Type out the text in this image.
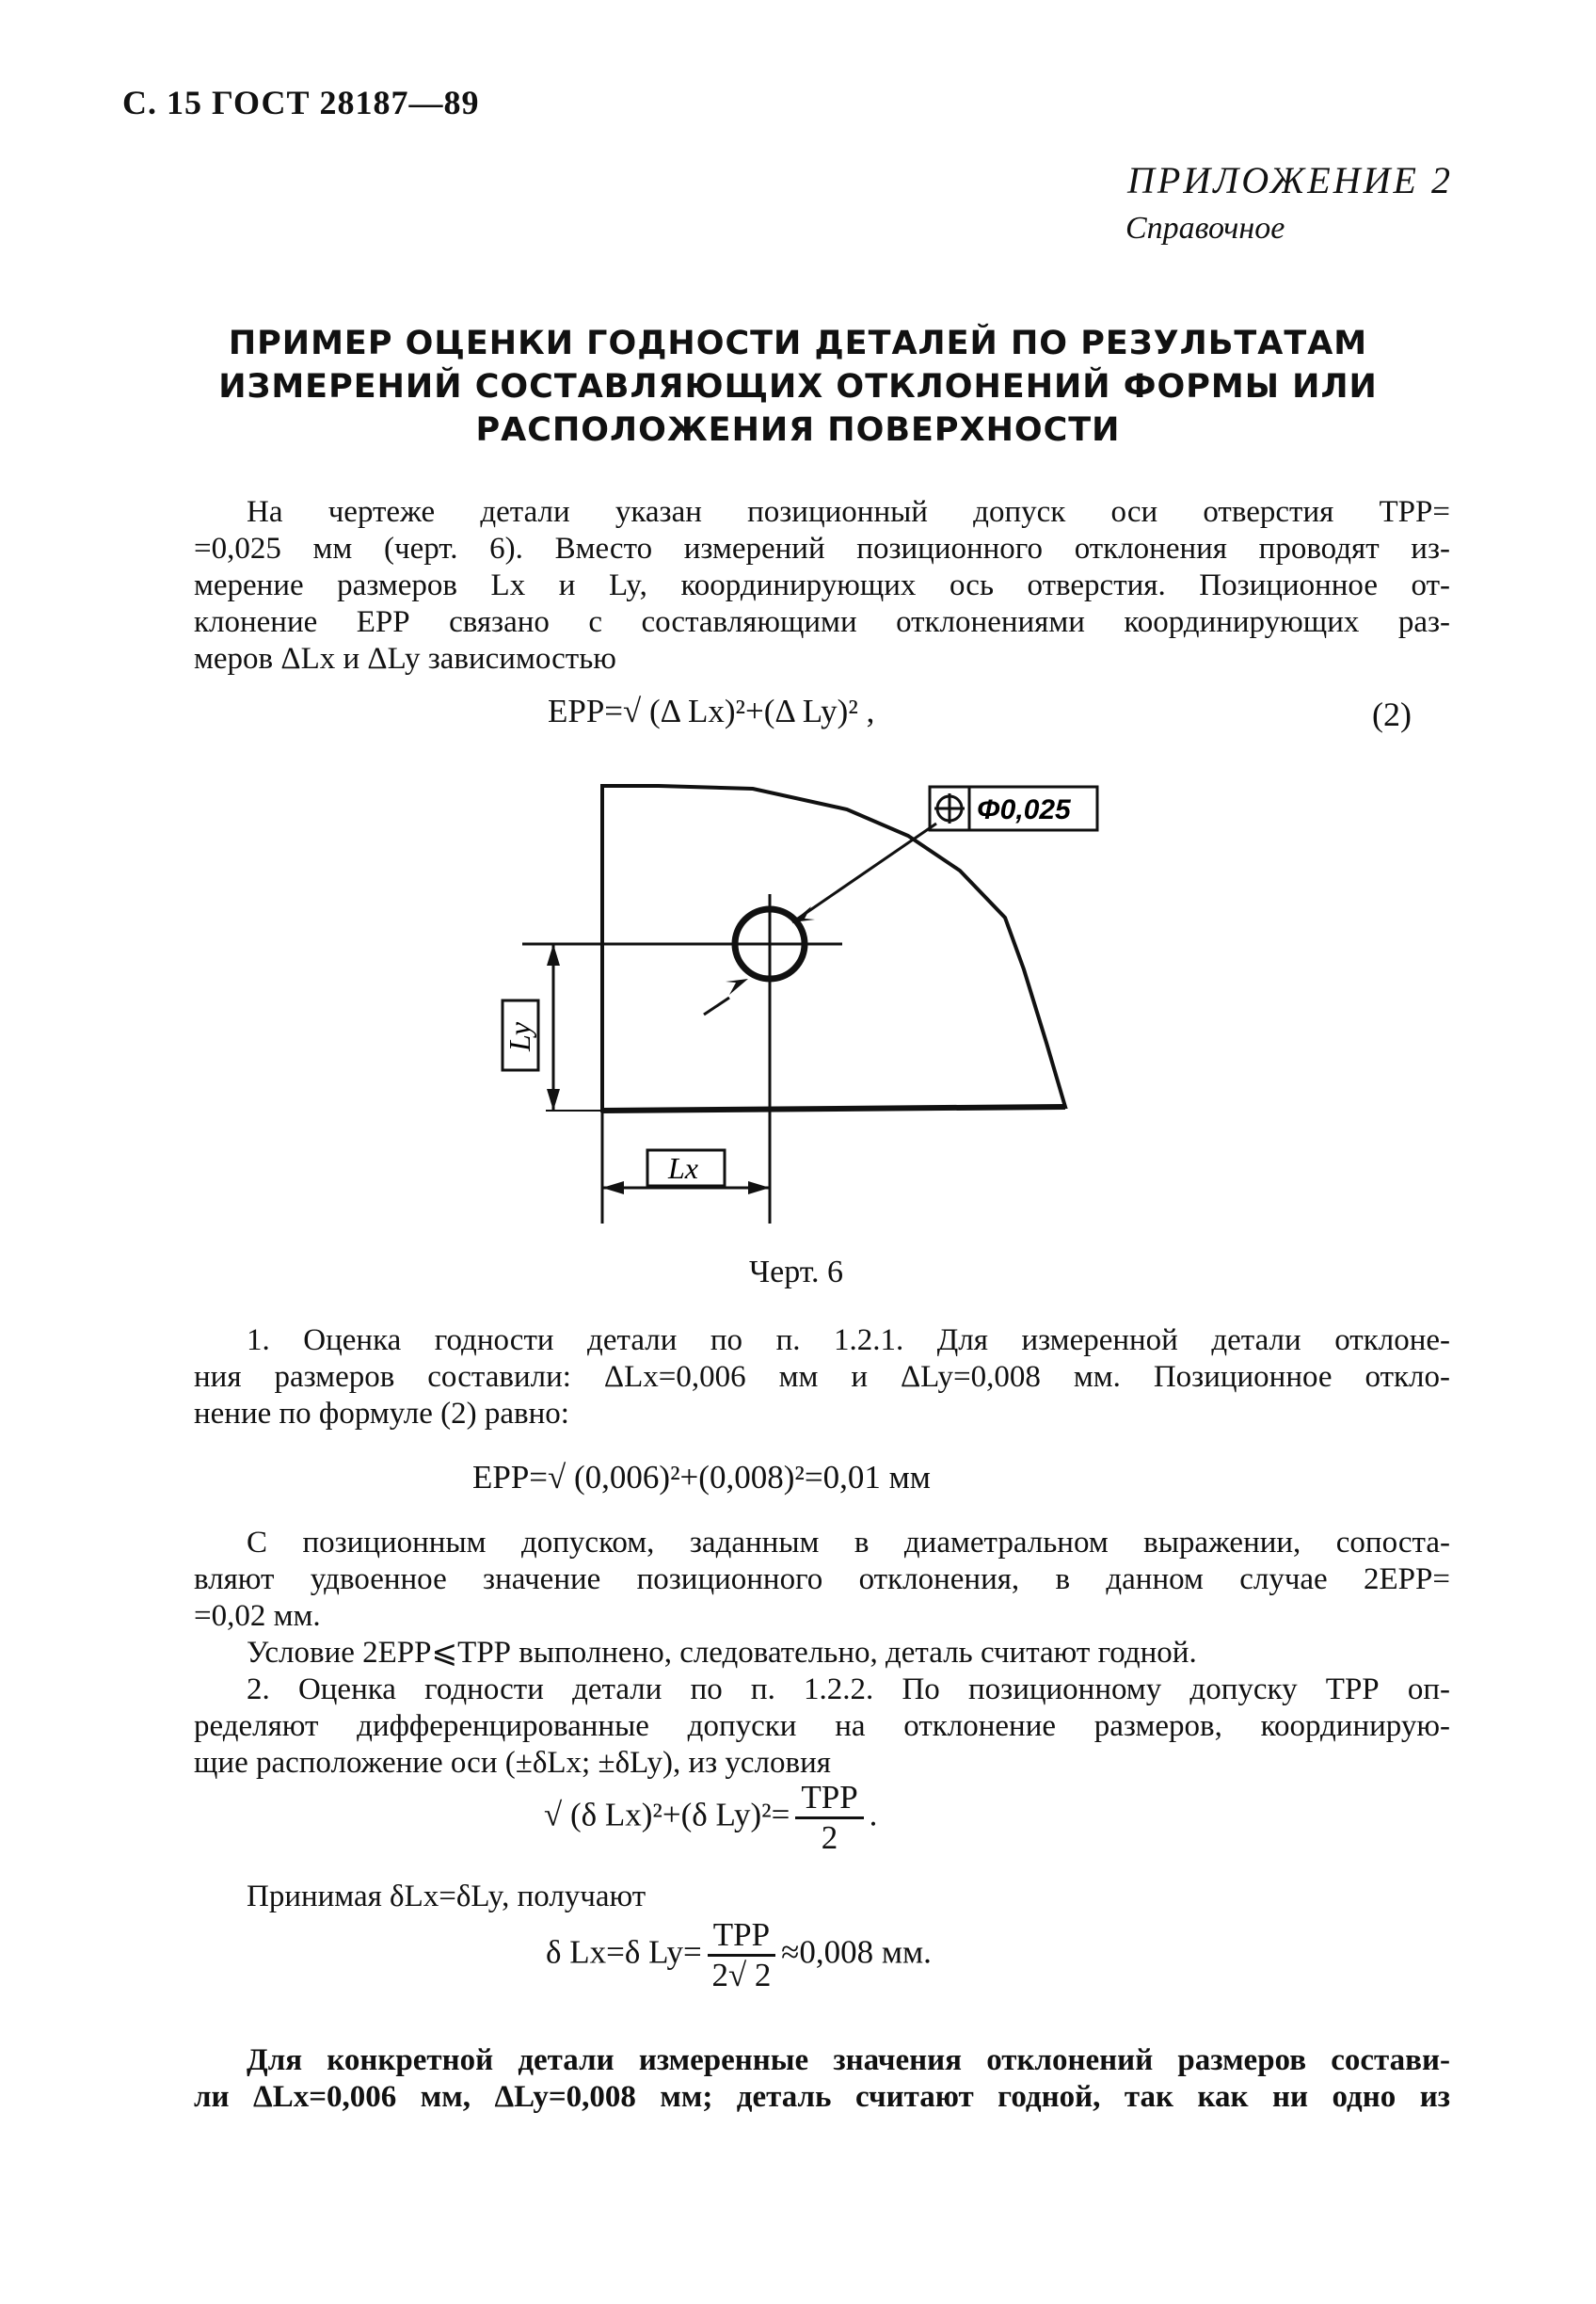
С. 15 ГОСТ 28187—89
ПРИЛОЖЕНИЕ 2
Справочное
ПРИМЕР ОЦЕНКИ ГОДНОСТИ ДЕТАЛЕЙ ПО РЕЗУЛЬТАТАМ
ИЗМЕРЕНИЙ СОСТАВЛЯЮЩИХ ОТКЛОНЕНИЙ ФОРМЫ ИЛИ
РАСПОЛОЖЕНИЯ ПОВЕРХНОСТИ
На чертеже детали указан позиционный допуск оси отверстия ТРР=
=0,025 мм (черт. 6). Вместо измерений позиционного отклонения проводят из-
мерение размеров Lx и Ly, координирующих ось отверстия. Позиционное от-
клонение ЕРР связано с составляющими отклонениями координирующих раз-
меров ΔLx и ΔLy зависимостью
ЕРР=√ (Δ Lx)²+(Δ Ly)² ,	(2)
Φ0,025
Ly
Lx
Черт. 6
1. Оценка годности детали по п. 1.2.1. Для измеренной детали отклоне-
ния размеров составили: ΔLx=0,006 мм и ΔLy=0,008 мм. Позиционное откло-
нение по формуле (2) равно:
ЕРР=√ (0,006)²+(0,008)²=0,01 мм
С позиционным допуском, заданным в диаметральном выражении, сопоста-
вляют удвоенное значение позиционного отклонения, в данном случае 2ЕРР=
=0,02 мм.
Условие 2ЕРР⩽ТРР выполнено, следовательно, деталь считают годной.
2. Оценка годности детали по п. 1.2.2. По позиционному допуску ТРР оп-
ределяют дифференцированные допуски на отклонение размеров, координирую-
щие расположение оси (±δLx; ±δLy), из условия
√ (δ Lx)²+(δ $Ly)^2= \frac{\text{ТРР}}{2}$ .
Принимая δLx=δLy, получают
δ Lx=δ $Ly= \frac{\text{ТРР}}{2√ 2} \approx 0,008$ мм.
Для конкретной детали измеренные значения отклонений размеров состави-
ли ΔLx=0,006 мм, ΔLy=0,008 мм; деталь считают годной, так как ни одно из
